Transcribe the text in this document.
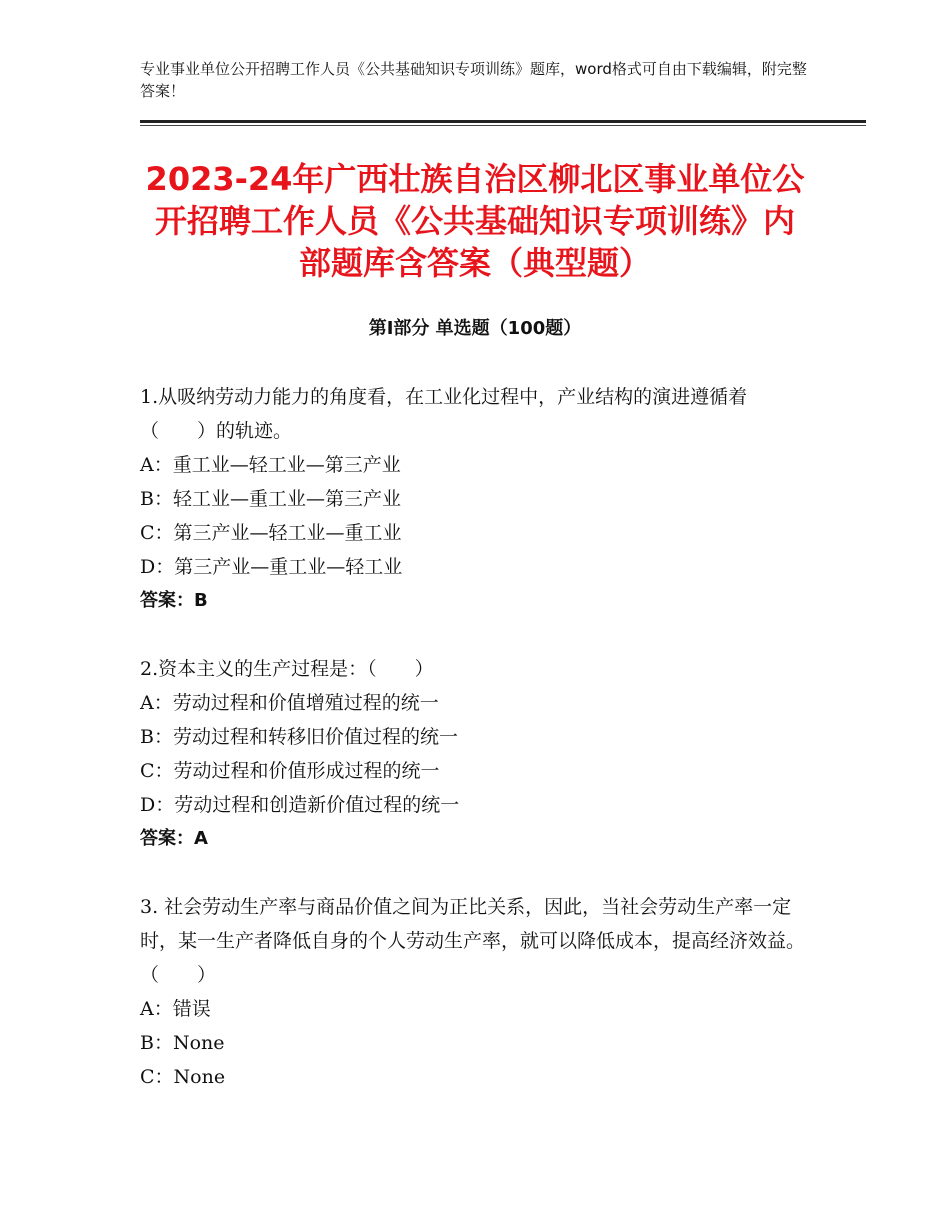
专业事业单位公开招聘工作人员《公共基础知识专项训练》题库，word格式可自由下载编辑，附完整答案！
2023-24年广西壮族自治区柳北区事业单位公开招聘工作人员《公共基础知识专项训练》内部题库含答案（典型题）
第Ⅰ部分 单选题（100题）
1.从吸纳劳动力能力的角度看，在工业化过程中，产业结构的演进遵循着（　　）的轨迹。
A：重工业—轻工业—第三产业
B：轻工业—重工业—第三产业
C：第三产业—轻工业—重工业
D：第三产业—重工业—轻工业
答案：B
2.资本主义的生产过程是：（　　）
A：劳动过程和价值增殖过程的统一
B：劳动过程和转移旧价值过程的统一
C：劳动过程和价值形成过程的统一
D：劳动过程和创造新价值过程的统一
答案：A
3. 社会劳动生产率与商品价值之间为正比关系，因此，当社会劳动生产率一定时，某一生产者降低自身的个人劳动生产率，就可以降低成本，提高经济效益。（　　）
A：错误
B：None
C：None
